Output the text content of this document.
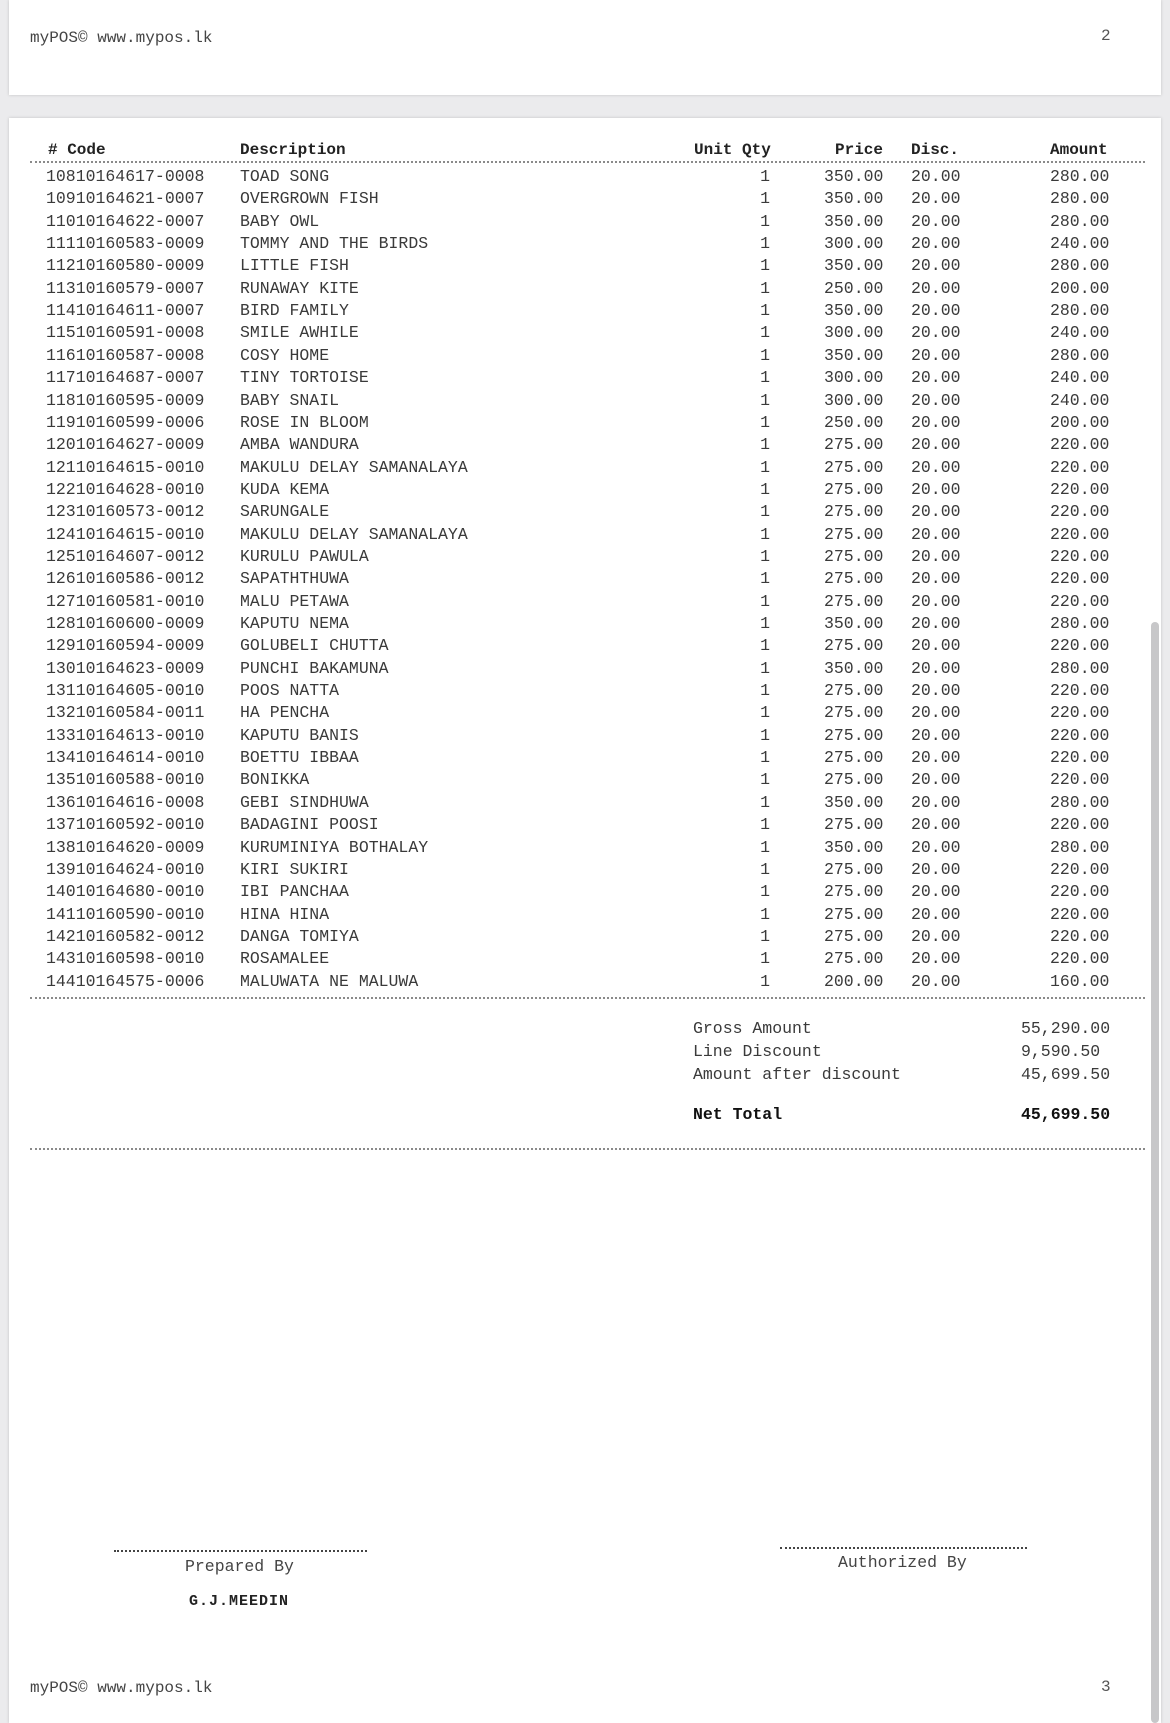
myPOS© www.mypos.lk	2
# Code	Description	Unit Qty	Price Disc.	Amount
10810164617-0008 TOAD SONG	1	350.00	20.00	280.00
10910164621-0007 OVERGROWN FISH	1	350.00	20.00	280.00
11010164622-0007 BABY OWL	1	350.00	20.00	280.00
11110160583-0009 TOMMY AND THE BIRDS	1	300.00	20.00	240.00
11210160580-0009 LITTLE FISH	1	350.00	20.00	280.00
11310160579-0007 RUNAWAY KITE	1	250.00	20.00	200.00
11410164611-0007 BIRD FAMILY	1	350.00	20.00	280.00
11510160591-0008 SMILE AWHILE	1	300.00	20.00	240.00
11610160587-0008 COSY HOME	1	350.00	20.00	280.00
11710164687-0007 TINY TORTOISE	1	300.00	20.00	240.00
11810160595-0009 BABY SNAIL	1	300.00	20.00	240.00
11910160599-0006 ROSE IN BLOOM	1	250.00	20.00	200.00
12010164627-0009 AMBA WANDURA	1	275.00	20.00	220.00
12110164615-0010 MAKULU DELAY SAMANALAYA	1	275.00	20.00	220.00
12210164628-0010 KUDA KEMA	1	275.00	20.00	220.00
12310160573-0012 SARUNGALE	1	275.00	20.00	220.00
12410164615-0010 MAKULU DELAY SAMANALAYA	1	275.00	20.00	220.00
12510164607-0012 KURULU PAWULA	1	275.00	20.00	220.00
12610160586-0012 SAPATHTHUWA	1	275.00	20.00	220.00
12710160581-0010 MALU PETAWA	1	275.00	20.00	220.00
12810160600-0009 KAPUTU NEMA	1	350.00	20.00	280.00
12910160594-0009 GOLUBELI CHUTTA	1	275.00	20.00	220.00
13010164623-0009 PUNCHI BAKAMUNA	1	350.00	20.00	280.00
13110164605-0010 POOS NATTA	1	275.00	20.00	220.00
13210160584-0011 HA PENCHA	1	275.00	20.00	220.00
13310164613-0010 KAPUTU BANIS	1	275.00	20.00	220.00
13410164614-0010 BOETTU IBBAA	1	275.00	20.00	220.00
13510160588-0010 BONIKKA	1	275.00	20.00	220.00
13610164616-0008 GEBI SINDHUWA	1	350.00	20.00	280.00
13710160592-0010 BADAGINI POOSI	1	275.00	20.00	220.00
13810164620-0009 KURUMINIYA BOTHALAY	1	350.00	20.00	280.00
13910164624-0010 KIRI SUKIRI	1	275.00	20.00	220.00
14010164680-0010 IBI PANCHAA	1	275.00	20.00	220.00
14110160590-0010 HINA HINA	1	275.00	20.00	220.00
14210160582-0012 DANGA TOMIYA	1	275.00	20.00	220.00
14310160598-0010 ROSAMALEE	1	275.00	20.00	220.00
14410164575-0006 MALUWATA NE MALUWA	1	200.00	20.00	160.00
Gross Amount	55,290.00
Line Discount	9,590.50
Amount after discount	45,699.50
Net Total	45,699.50
Prepared By
G.J.MEEDIN
Authorized By
myPOS© www.mypos.lk	3
